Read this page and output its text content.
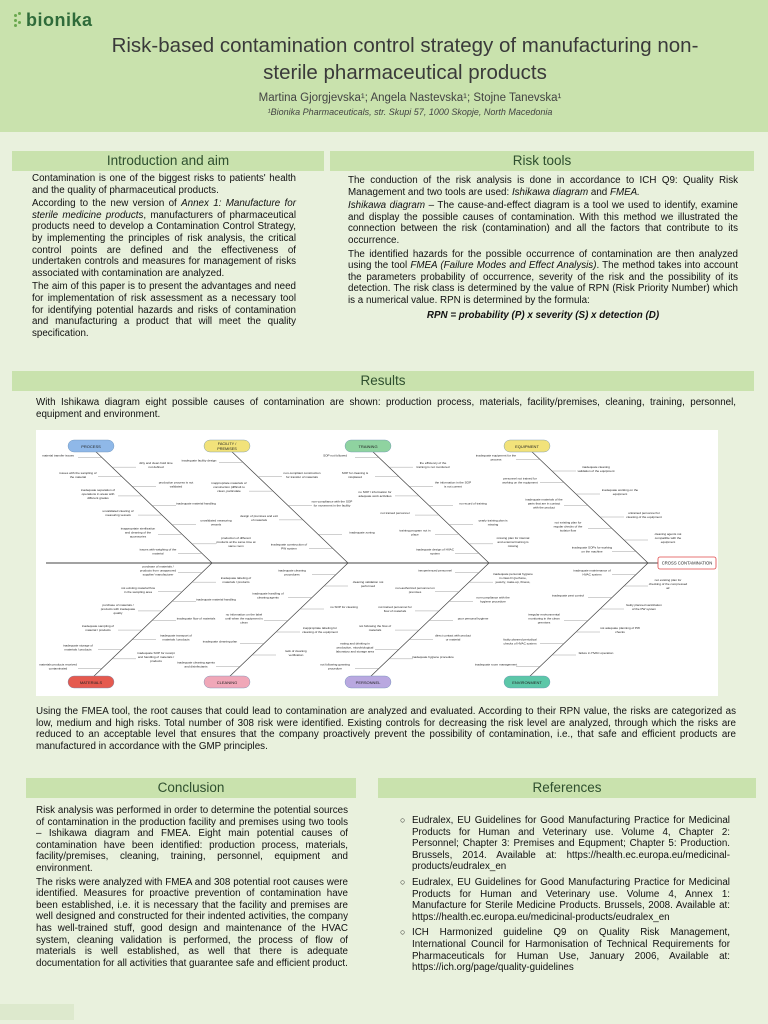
bionika
Risk-based contamination control strategy of manufacturing non-
sterile pharmaceutical products
Martina Gjorgjevska¹; Angela Nastevska¹; Stojne Tanevska¹
¹Bionika Pharmaceuticals, str. Skupi 57, 1000 Skopje, North Macedonia
Introduction and aim

Contamination is one of the biggest risks to patients' health and the quality of pharmaceutical products.

According to the new version of Annex 1: Manufacture for sterile medicine products, manufacturers of pharmaceutical products need to develop a Contamination Control Strategy, by implementing the principles of risk analysis, the critical control points are defined and the effectiveness of undertaken controls and measures for management of risks associated with contamination are analyzed.

The aim of this paper is to present the advantages and need for implementation of risk assessment as a necessary tool for identifying potential hazards and risks of contamination and manufacturing a product that will meet the quality specification.

Risk tools

The conduction of the risk analysis is done in accordance to ICH Q9: Quality Risk Management and two tools are used: Ishikawa diagram and FMEA.

Ishikawa diagram – The cause-and-effect diagram is a tool we used to identify, examine and display the possible causes of contamination. With this method we illustrated the connection between the risk (contamination) and all the factors that contribute to its occurrence.

The identified hazards for the possible occurrence of contamination are then analyzed using the tool FMEA (Failure Modes and Effect Analysis). The method takes into account the parameters probability of occurrence, severity of the risk and the possibility of its detection. The risk class is determined by the value of RPN (Risk Priority Number) which is a numerical value. RPN is determined by the formula:

RPN = probability (P) x severity (S) x detection (D)
Results
With Ishikawa diagram eight possible causes of contamination are shown: production process, materials, facility/premises, cleaning, training, personnel, equipment and environment.
CROSS CONTAMINATION
PROCESS
material transfer issues
dirty and clean hold time
not defined
issues with the sampling of
the material
production process is not
validated
inadequate separation of
operations in areas with
different grades
inadequate material handling
unvalidated clearing of
measuring vessels
unvalidated measuring
vessels
inappropriate sterilization
and cleaning of the
accessories	production of different
products at the same time at
same room
issues with weighing of the
material
MATERIALS
materials products received
contaminated
inadequate SOP for receipt
and handling of materials /
products
inadequate storage of
materials / products
inadequate transport of
materials / products
inadequate sampling of
material / products
inadequate flow of materials
purchase of materials /
products with inadequate
quality
inadequate material handling
not existing material flow
in the sampling area
inadequate labeling of
materials / products
purchase of materials /
products from unapproved
supplier/ manufacturer
FACILITY /
PREMISES
inadequate facility design
non-compliant construction
for transfer of materials
inappropriate materials of
construction (difficult to
clean, particulate
non-compliance with the SOP
for movement in the facility
design of premises and exit
of materials
inadequate zoning
inadequate construction of
PW system
CLEANING
inadequate cleaning agents
and disinfectants
lack of cleaning
verification
inadequate cleaning plan
inappropriate labeling for
cleaning of the equipment
no information on the label
until when the equipment is
clean
no SOP for cleaning
inadequate handling of
cleaning agents
cleaning validation not
performed
inadequate cleaning
procedures
TRAINING
SOP not followed
the efficiency of the
training is not monitored
SOP for cleaning is
misplaced
the information in the SOP
is not current
no SOP / information for
adequate work activities
no record of training
not trained personnel
yearly training plan is
missing
training program not in
place
missing plan for internal
and external training is
missing
inadequate design of HVAC
system
PERSONNEL
not following gowning
procedure
inadequate hygiene procedure
eating and drinking in
production, microbiological
laboratory and storage area
direct contact with product
or material
not following the flow of
materials
poor personal hygiene
not trained personnel for
flow of materials
non-compliance with the
hygiene procedure
non-authorized personnel on
premises
inadequate personal hygiene
in class D (perfume,
jewelry, make-up, fitness,
inexperienced personnel
EQUIPMENT
inadequate equipment for the
process
inadequate cleaning
validation of the equipment
personnel not trained for
working on the equipment
inadequate working on the
equipment
inadequate materials of the
parts that are in contact
with the product
untrained personnel for
cleaning of the equipment
not existing plan for
regular checks of the
isolator flow
cleaning agents not
compatible with the
equipment
inadequate SOPs for working
on the machine
ENVIRONMENT
inadequate room management
failure in HVAC operation
faulty planned periodical
checks of HVAC system
not adequate planning of PW
checks
irregular environmental
monitoring in the clean
premises
faulty planned sanitization
of the PW system
inadequate pest control
not existing plan for
checking of the compressed
air
inadequate maintenance of
HVAC system
Using the FMEA tool, the root causes that could lead to contamination are analyzed and evaluated. According to their RPN value, the risks are categorized as low, medium and high risks. Total number of 308 risk were identified. Existing controls for decreasing the risk level are analyzed, through which the risks are reduced to an acceptable level that ensures that the company proactively prevent the possibility of contamination, i.e., that safe and efficient products are manufactured in accordance with the GMP principles.
Conclusion

Risk analysis was performed in order to determine the potential sources of contamination in the production facility and premises using two tools – Ishikawa diagram and FMEA. Eight main potential causes of contamination have been identified: production process, materials, facility/premises, cleaning, training, personnel, equipment and environment.

The risks were analyzed with FMEA and 308 potential root causes were identified. Measures for proactive prevention of contamination have been established, i.e. it is necessary that the facility and premises are well designed and constructed for their indented activities, the company has well-trained stuff, good design and maintenance of the HVAC system, cleaning validation is performed, the process of flow of materials is well established, as well that there is adequate documentation for all activities that guarantee safe and efficient product.

References
○ Eudralex, EU Guidelines for Good Manufacturing Practice for Medicinal Products for Human and Veterinary use. Volume 4, Chapter 2: Personnel; Chapter 3: Premises and Equpment; Chapter 5: Production. Brussels, 2014. Available at: https://health.ec.europa.eu/medicinal-products/eudralex_en
○ Eudralex, EU Guidelines for Good Manufacturing Practice for Medicinal Products for Human and Veterinary use. Volume 4, Annex 1: Manufacture for Sterile Medicine Products. Brussels, 2008. Available at: https://health.ec.europa.eu/medicinal-products/eudralex_en
○ ICH Harmonized guideline Q9 on Quality Risk Management, International Council for Harmonisation of Technical Requirements for Pharmaceuticals for Human Use, January 2006, Available at: https://ich.org/page/quality-guidelines
